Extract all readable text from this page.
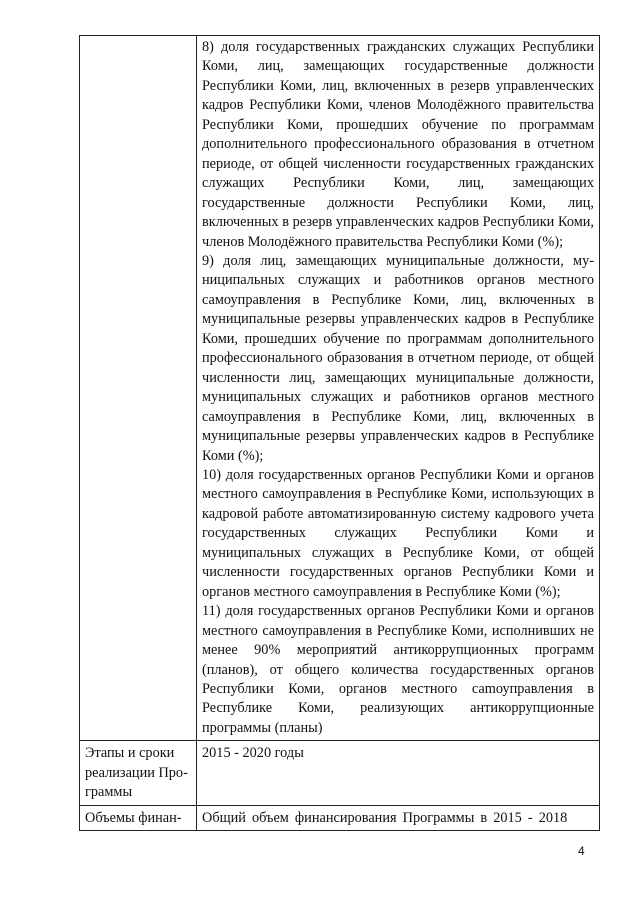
	8) доля государственных гражданских служащих Республики Коми, лиц, замещающих государственные должности Республики Коми, лиц, включенных в резерв управленческих кадров Республики Коми, членов Молодёжного правительства Республики Коми, прошедших обучение по программам дополнительного профессионального образования в отчетном периоде, от общей численности государственных гражданских служащих Республики Коми, лиц, замещающих государственные должности Республики Коми, лиц, включенных в резерв управленческих кадров Республики Коми, членов Молодёжного правительства Республики Коми (%);

9) доля лиц, замещающих муниципальные должности, муниципальных служащих и работников органов местного самоуправления в Республике Коми, лиц, включенных в муниципальные резервы управленческих кадров в Республике Коми, прошедших обучение по программам дополнительного профессионального образования в отчетном периоде, от общей численности лиц, замещающих муниципальные должности, муниципальных служащих и работников органов местного самоуправления в Республике Коми, лиц, включенных в муниципальные резервы управленческих кадров в Республике Коми (%);

10) доля государственных органов Республики Коми и органов местного самоуправления в Республике Коми, использующих в кадровой работе автоматизированную систему кадрового учета государственных служащих Республики Коми и муниципальных служащих в Республике Коми, от общей численности государственных органов Республики Коми и органов местного самоуправления в Республике Коми (%);

11) доля государственных органов Республики Коми и органов местного самоуправления в Республике Коми, исполнивших не менее 90% мероприятий антикоррупционных программ (планов), от общего количества государственных органов Республики Коми, органов местного саmоуправления в Республике Коми, реализующих антикоррупционные программы (планы)

Этапы и сроки реализации Программы	2015 - 2020 годы

Объемы финан-	Общий объем финансирования Программы в 2015 - 2018

4
